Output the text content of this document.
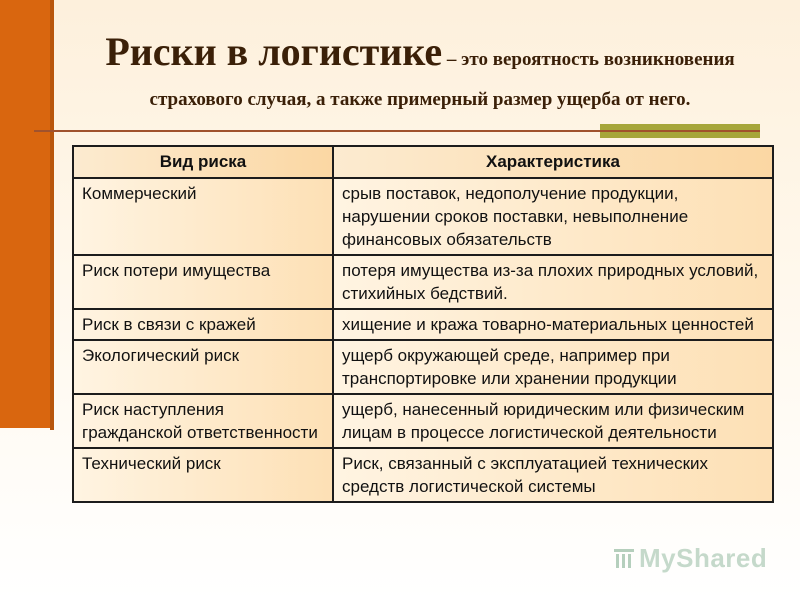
Риски в логистике – это вероятность возникновения
страхового случая, а также примерный размер ущерба от него.
Вид риска	Характеристика
Коммерческий	срыв поставок, недополучение продукции, нарушении сроков поставки, невыполнение финансовых обязательств
Риск потери имущества	потеря имущества из-за плохих природных условий, стихийных бедствий.
Риск в связи с кражей	хищение и кража товарно-материальных ценностей
Экологический риск	ущерб окружающей среде, например при транспортировке или хранении продукции
Риск наступления гражданской ответственности	ущерб, нанесенный юридическим или физическим лицам в процессе логистической деятельности
Технический риск	Риск, связанный с эксплуатацией технических средств логистической системы
MyShared
